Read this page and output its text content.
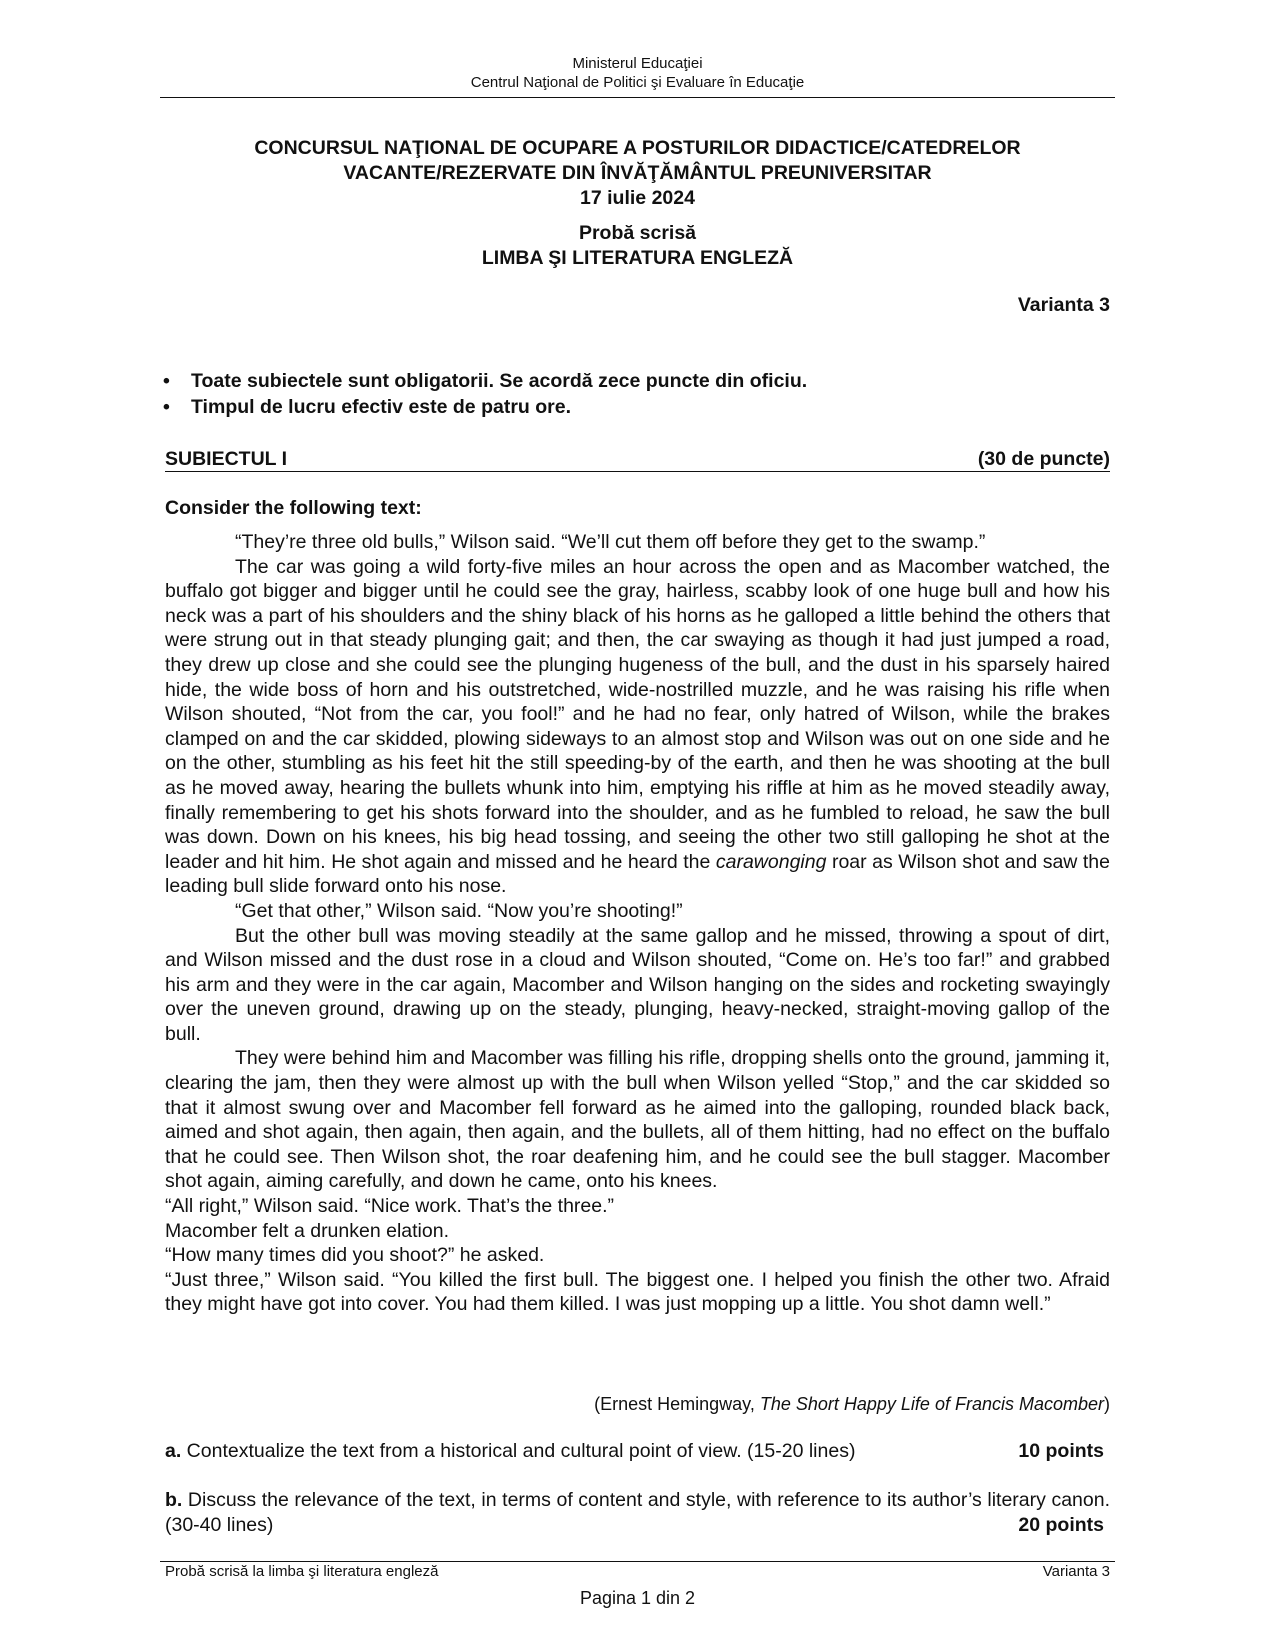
Ministerul Educaţiei
Centrul Naţional de Politici şi Evaluare în Educaţie
CONCURSUL NAŢIONAL DE OCUPARE A POSTURILOR DIDACTICE/CATEDRELOR
VACANTE/REZERVATE DIN ÎNVĂŢĂMÂNTUL PREUNIVERSITAR
17 iulie 2024
Probă scrisă
LIMBA ŞI LITERATURA ENGLEZĂ
Varianta 3
• Toate subiectele sunt obligatorii. Se acordă zece puncte din oficiu.
• Timpul de lucru efectiv este de patru ore.
SUBIECTUL I	(30 de puncte)
Consider the following text:

“They’re three old bulls,” Wilson said. “We’ll cut them off before they get to the swamp.”

The car was going a wild forty-five miles an hour across the open and as Macomber watched, the buffalo got bigger and bigger until he could see the gray, hairless, scabby look of one huge bull and how his neck was a part of his shoulders and the shiny black of his horns as he galloped a little behind the others that were strung out in that steady plunging gait; and then, the car swaying as though it had just jumped a road, they drew up close and she could see the plunging hugeness of the bull, and the dust in his sparsely haired hide, the wide boss of horn and his outstretched, wide-nostrilled muzzle, and he was raising his rifle when Wilson shouted, “Not from the car, you fool!” and he had no fear, only hatred of Wilson, while the brakes clamped on and the car skidded, plowing sideways to an almost stop and Wilson was out on one side and he on the other, stumbling as his feet hit the still speeding-by of the earth, and then he was shooting at the bull as he moved away, hearing the bullets whunk into him, emptying his riffle at him as he moved steadily away, finally remembering to get his shots forward into the shoulder, and as he fumbled to reload, he saw the bull was down. Down on his knees, his big head tossing, and seeing the other two still galloping he shot at the leader and hit him. He shot again and missed and he heard the carawonging roar as Wilson shot and saw the leading bull slide forward onto his nose.

“Get that other,” Wilson said. “Now you’re shooting!”

But the other bull was moving steadily at the same gallop and he missed, throwing a spout of dirt, and Wilson missed and the dust rose in a cloud and Wilson shouted, “Come on. He’s too far!” and grabbed his arm and they were in the car again, Macomber and Wilson hanging on the sides and rocketing swayingly over the uneven ground, drawing up on the steady, plunging, heavy-necked, straight-moving gallop of the bull.

They were behind him and Macomber was filling his rifle, dropping shells onto the ground, jamming it, clearing the jam, then they were almost up with the bull when Wilson yelled “Stop,” and the car skidded so that it almost swung over and Macomber fell forward as he aimed into the galloping, rounded black back, aimed and shot again, then again, then again, and the bullets, all of them hitting, had no effect on the buffalo that he could see. Then Wilson shot, the roar deafening him, and he could see the bull stagger. Macomber shot again, aiming carefully, and down he came, onto his knees.

“All right,” Wilson said. “Nice work. That’s the three.”

Macomber felt a drunken elation.

“How many times did you shoot?” he asked.

“Just three,” Wilson said. “You killed the first bull. The biggest one. I helped you finish the other two. Afraid they might have got into cover. You had them killed. I was just mopping up a little. You shot damn well.”

(Ernest Hemingway, The Short Happy Life of Francis Macomber)
a. Contextualize the text from a historical and cultural point of view. (15-20 lines)	10 points
b. Discuss the relevance of the text, in terms of content and style, with reference to its author’s literary canon. (30-40 lines)	20 points
Probă scrisă la limba şi literatura engleză	Varianta 3
Pagina 1 din 2
